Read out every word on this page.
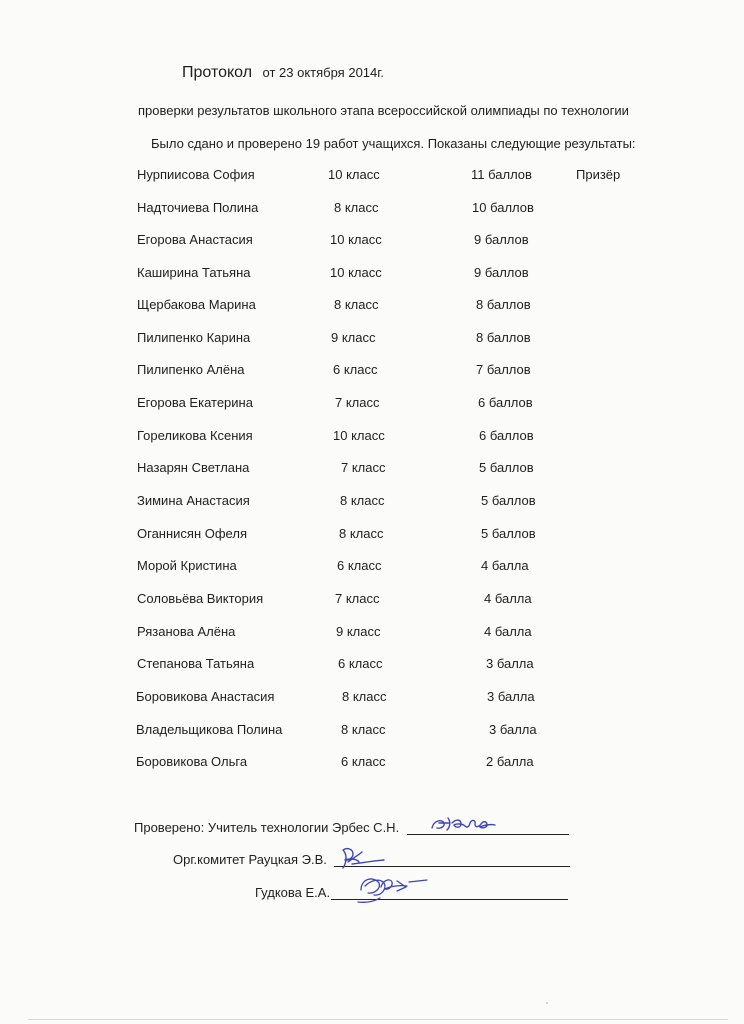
Протокол от 23 октября 2014г.
проверки результатов школьного этапа всероссийской олимпиады по технологии
Было сдано и проверено 19 работ учащихся. Показаны следующие результаты:
Нурпиисова София	10 класс	11 баллов	Призёр
Надточиева Полина	8 класс	10 баллов
Егорова Анастасия	10 класс	9 баллов
Каширина Татьяна	10 класс	9 баллов
Щербакова Марина	8 класс	8 баллов
Пилипенко Карина	9 класс	8 баллов
Пилипенко Алёна	6 класс	7 баллов
Егорова Екатерина	7 класс	6 баллов
Гореликова Ксения	10 класс	6 баллов
Назарян Светлана	7 класс	5 баллов
Зимина Анастасия	8 класс	5 баллов
Оганнисян Офеля	8 класс	5 баллов
Морой Кристина	6 класс	4 балла
Соловьёва Виктория	7 класс	4 балла
Рязанова Алёна	9 класс	4 балла
Степанова Татьяна	6 класс	3 балла
Боровикова Анастасия	8 класс	3 балла
Владельщикова Полина	8 класс	3 балла
Боровикова Ольга	6 класс	2 балла
Проверено: Учитель технологии Эрбес С.Н.
Орг.комитет Рауцкая Э.В.
Гудкова Е.А.
